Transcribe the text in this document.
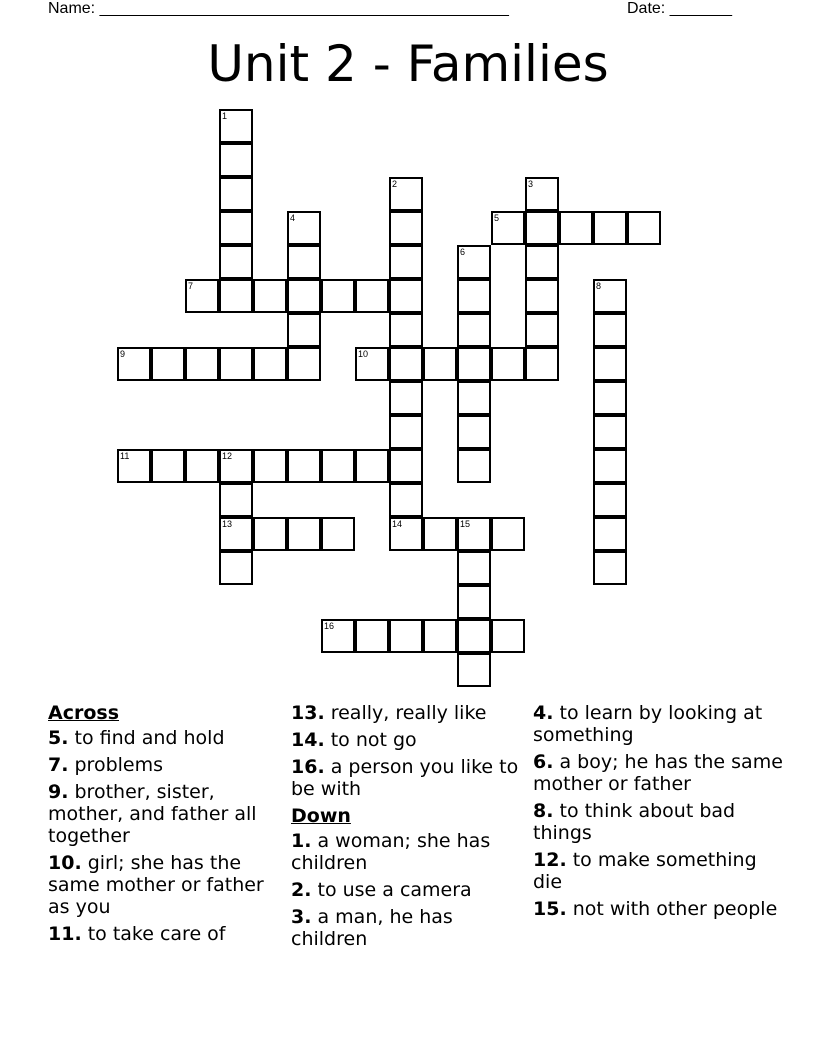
Name: ______________________________________________	Date: _______
Unit 2 - Families
1
2	3
4	5
6
7	8
9	10
11	12
13	14	15
16
Across
5. to find and hold
7. problems
9. brother, sister, mother, and father all together
10. girl; she has the same mother or father as you
11. to take care of
13. really, really like
14. to not go
16. a person you like to be with
Down
1. a woman; she has children
2. to use a camera
3. a man, he has children
4. to learn by looking at something
6. a boy; he has the same mother or father
8. to think about bad things
12. to make something die
15. not with other people
